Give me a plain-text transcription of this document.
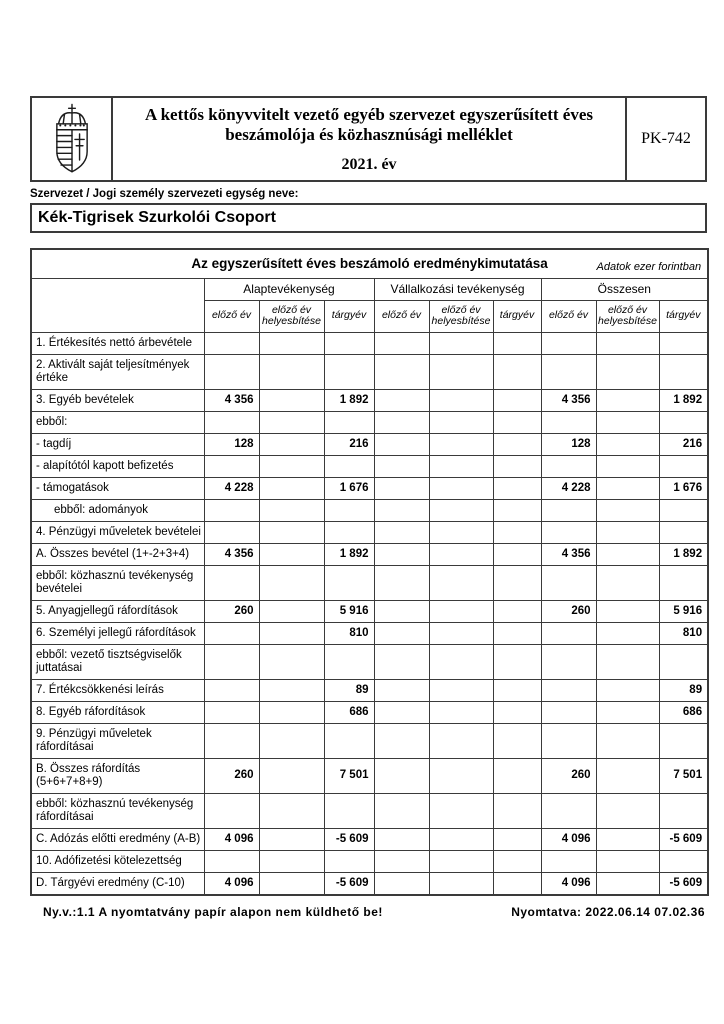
A kettős könyvvitelt vezető egyéb szervezet egyszerűsített éves beszámolója és közhasznúsági melléklet
2021. év
PK-742
Szervezet / Jogi személy szervezeti egység neve:
Kék-Tigrisek Szurkolói Csoport
Az egyszerűsített éves beszámoló eredménykimutatása Adatok ezer forintban									

	Alaptevékenység			Vállalkozási tevékenység			Összesen		
	előző év	előző év helyesbítése	tárgyév	előző év	előző év helyesbítése	tárgyév	előző év	előző év helyesbítése	tárgyév
1. Értékesítés nettó árbevétele									
2. Aktivált saját teljesítmények értéke									
3. Egyéb bevételek	4 356		1 892				4 356		1 892
ebből:									
- tagdíj	128		216				128		216
- alapítótól kapott befizetés									
- támogatások	4 228		1 676				4 228		1 676
ebből: adományok									
4. Pénzügyi műveletek bevételei									
A. Összes bevétel (1+-2+3+4)	4 356		1 892				4 356		1 892
ebből: közhasznú tevékenység bevételei									
5. Anyagjellegű ráfordítások	260		5 916				260		5 916
6. Személyi jellegű ráfordítások			810						810
ebből: vezető tisztségviselők juttatásai									
7. Értékcsökkenési leírás			89						89
8. Egyéb ráfordítások			686						686
9. Pénzügyi műveletek ráfordításai									
B. Összes ráfordítás (5+6+7+8+9)	260		7 501				260		7 501
ebből: közhasznú tevékenység ráfordításai									
C. Adózás előtti eredmény (A-B)	4 096		-5 609				4 096		-5 609
10. Adófizetési kötelezettség									
D. Tárgyévi eredmény (C-10)	4 096		-5 609				4 096		-5 609
Ny.v.:1.1 A nyomtatvány papír alapon nem küldhető be!	Nyomtatva: 2022.06.14 07.02.36
